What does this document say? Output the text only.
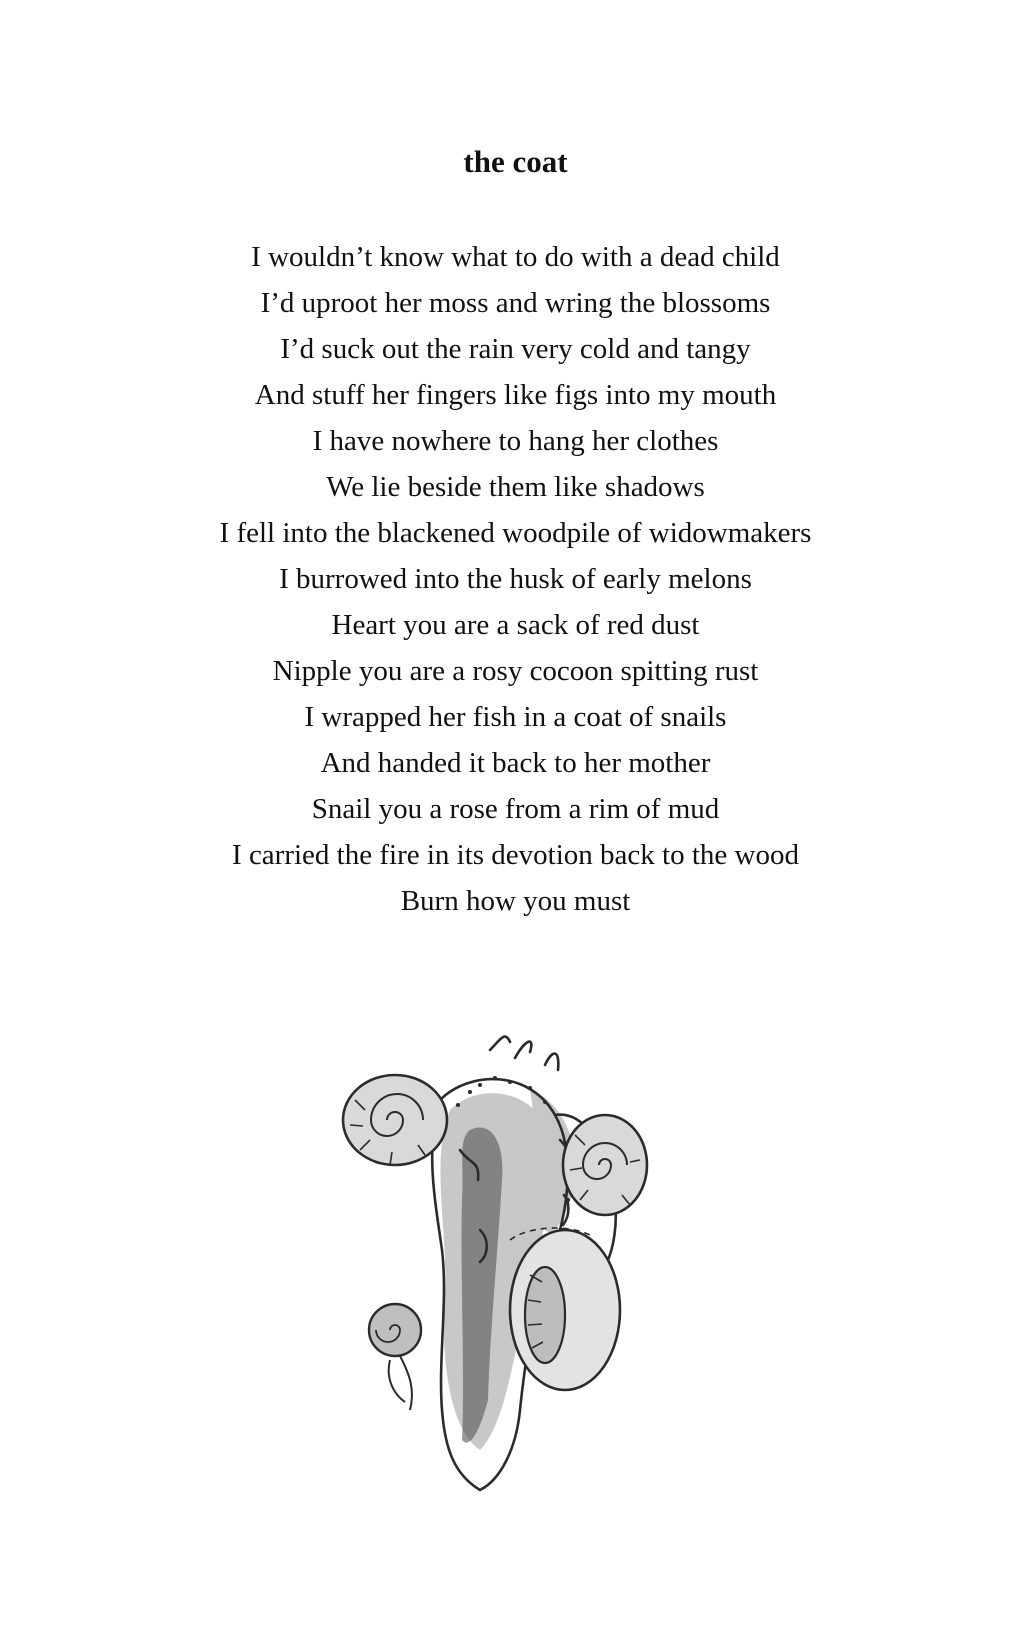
the coat
I wouldn’t know what to do with a dead child
I’d uproot her moss and wring the blossoms
I’d suck out the rain very cold and tangy
And stuff her fingers like figs into my mouth
I have nowhere to hang her clothes
We lie beside them like shadows
I fell into the blackened woodpile of widowmakers
I burrowed into the husk of early melons
Heart you are a sack of red dust
Nipple you are a rosy cocoon spitting rust
I wrapped her fish in a coat of snails
And handed it back to her mother
Snail you a rose from a rim of mud
I carried the fire in its devotion back to the wood
Burn how you must
